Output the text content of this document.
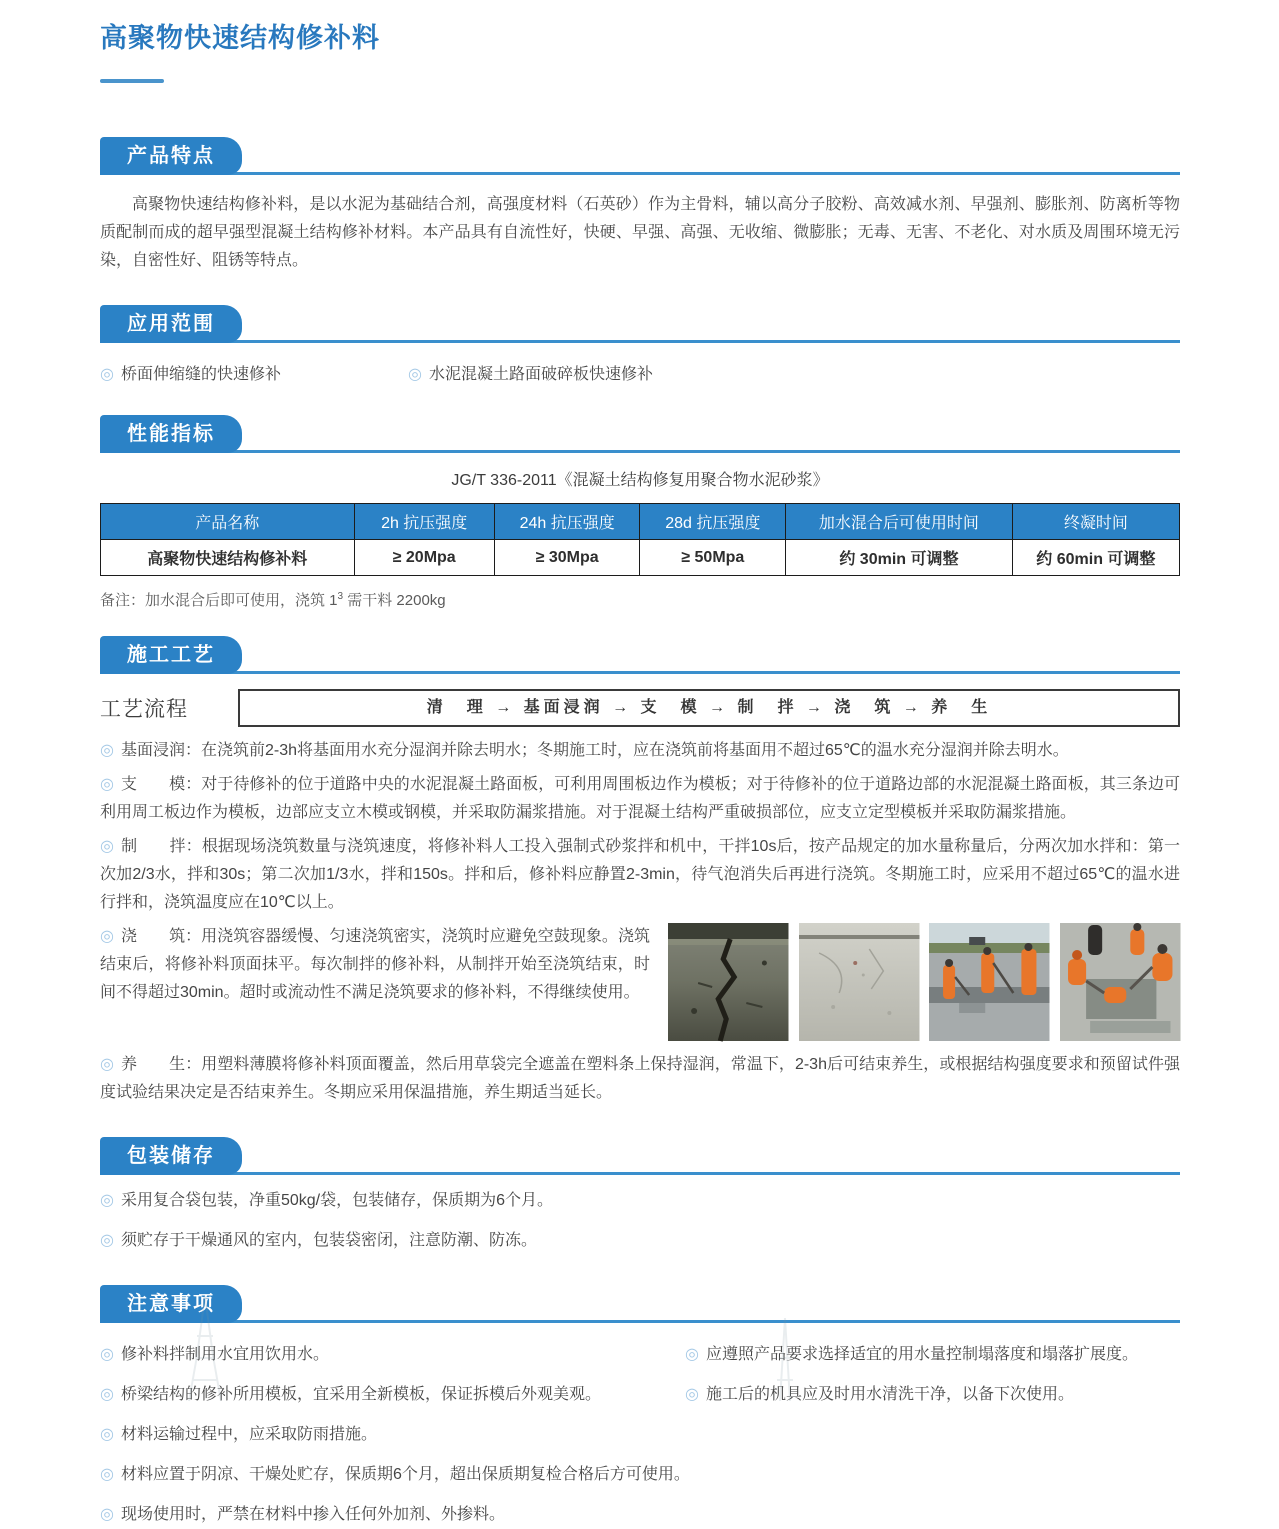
高聚物快速结构修补料
产品特点

高聚物快速结构修补料，是以水泥为基础结合剂，高强度材料（石英砂）作为主骨料，辅以高分子胶粉、高效减水剂、早强剂、膨胀剂、防离析等物质配制而成的超早强型混凝土结构修补材料。本产品具有自流性好，快硬、早强、高强、无收缩、微膨胀；无毒、无害、不老化、对水质及周围环境无污染，自密性好、阻锈等特点。

应用范围

◎ 桥面伸缩缝的快速修补	◎ 水泥混凝土路面破碎板快速修补

性能指标
JG/T 336-2011《混凝土结构修复用聚合物水泥砂浆》
产品名称	2h 抗压强度	24h 抗压强度	28d 抗压强度	加水混合后可使用时间	终凝时间
高聚物快速结构修补料	≥ 20Mpa	≥ 30Mpa	≥ 50Mpa	约 30min 可调整	约 60min 可调整

备注：加水混合后即可使用，浇筑 $1^3$ 需干料 2200kg

施工工艺
工艺流程	清　理 → 基面浸润 → 支　模 → 制　拌 → 浇　筑 → 养　生

◎ 基面浸润：在浇筑前2-3h将基面用水充分湿润并除去明水；冬期施工时，应在浇筑前将基面用不超过65℃的温水充分湿润并除去明水。

◎ 支　　模：对于待修补的位于道路中央的水泥混凝土路面板，可利用周围板边作为模板；对于待修补的位于道路边部的水泥混凝土路面板，其三条边可利用周工板边作为模板，边部应支立木模或钢模，并采取防漏浆措施。对于混凝土结构严重破损部位，应支立定型模板并采取防漏浆措施。

◎ 制　　拌：根据现场浇筑数量与浇筑速度，将修补料人工投入强制式砂浆拌和机中，干拌10s后，按产品规定的加水量称量后，分两次加水拌和：第一次加2/3水，拌和30s；第二次加1/3水，拌和150s。拌和后，修补料应静置2-3min，待气泡消失后再进行浇筑。冬期施工时，应采用不超过65℃的温水进行拌和，浇筑温度应在10℃以上。

◎ 浇　　筑：用浇筑容器缓慢、匀速浇筑密实，浇筑时应避免空鼓现象。浇筑结束后，将修补料顶面抹平。每次制拌的修补料，从制拌开始至浇筑结束，时间不得超过30min。超时或流动性不满足浇筑要求的修补料，不得继续使用。

◎ 养　　生：用塑料薄膜将修补料顶面覆盖，然后用草袋完全遮盖在塑料条上保持湿润，常温下，2-3h后可结束养生，或根据结构强度要求和预留试件强度试验结果决定是否结束养生。冬期应采用保温措施，养生期适当延长。

包装储存

◎ 采用复合袋包装，净重50kg/袋，包装储存，保质期为6个月。

◎ 须贮存于干燥通风的室内，包装袋密闭，注意防潮、防冻。

注意事项

◎ 修补料拌制用水宜用饮用水。	◎ 应遵照产品要求选择适宜的用水量控制塌落度和塌落扩展度。

◎ 桥梁结构的修补所用模板，宜采用全新模板，保证拆模后外观美观。	◎ 施工后的机具应及时用水清洗干净，以备下次使用。

◎ 材料运输过程中，应采取防雨措施。

◎ 材料应置于阴凉、干燥处贮存，保质期6个月，超出保质期复检合格后方可使用。

◎ 现场使用时，严禁在材料中掺入任何外加剂、外掺料。
